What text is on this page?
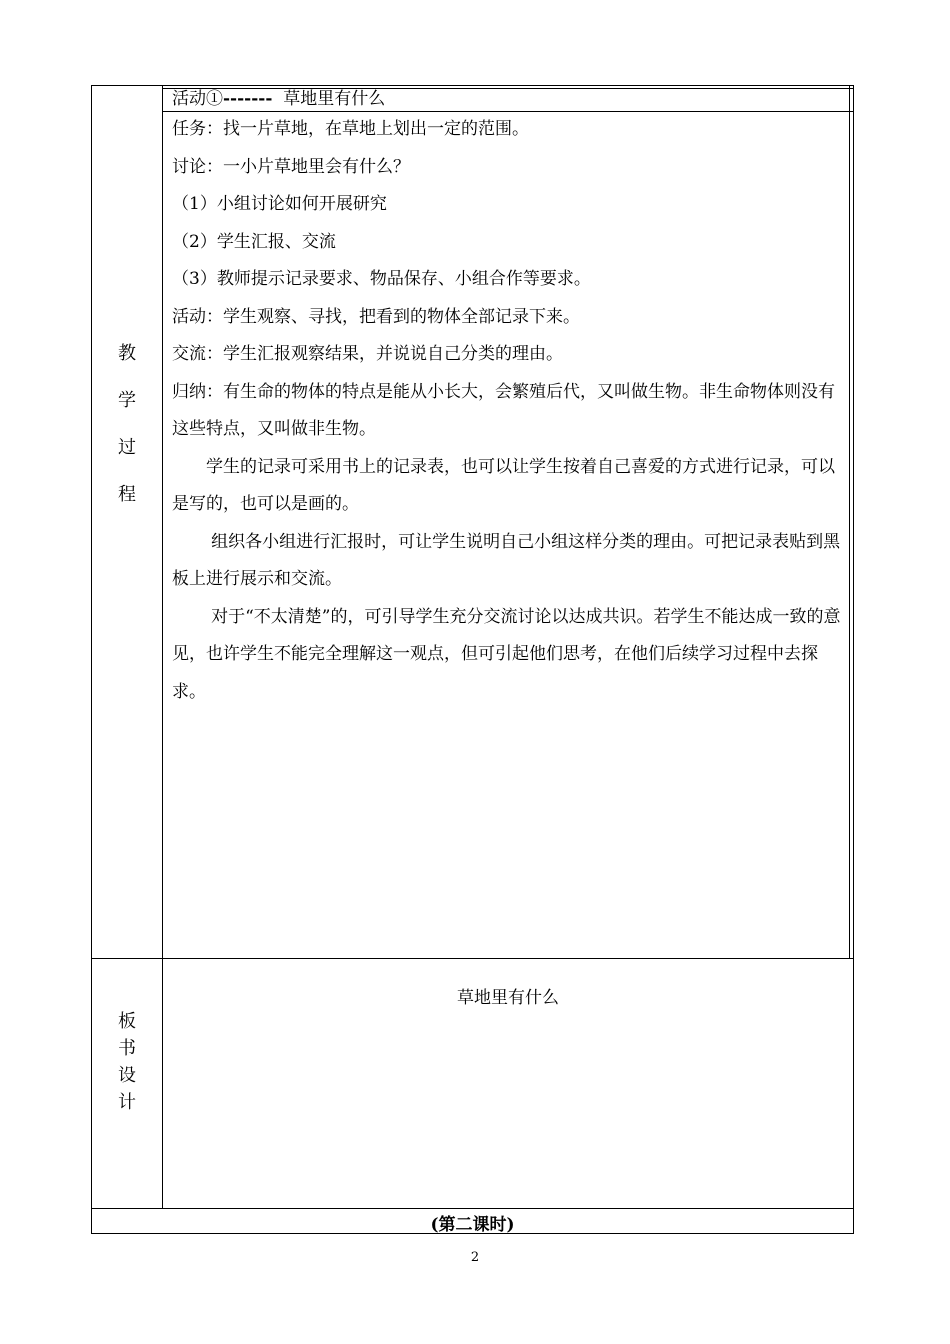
活动①------- 草地里有什么
教
学
过
程

任务：找一片草地，在草地上划出一定的范围。

讨论：一小片草地里会有什么？

（1）小组讨论如何开展研究

（2）学生汇报、交流

（3）教师提示记录要求、物品保存、小组合作等要求。

活动：学生观察、寻找，把看到的物体全部记录下来。

交流：学生汇报观察结果，并说说自己分类的理由。

归纳：有生命的物体的特点是能从小长大，会繁殖后代，又叫做生物。非生命物体则没有这些特点，又叫做非生物。

学生的记录可采用书上的记录表，也可以让学生按着自己喜爱的方式进行记录，可以是写的，也可以是画的。

组织各小组进行汇报时，可让学生说明自己小组这样分类的理由。可把记录表贴到黑板上进行展示和交流。

对于“不太清楚”的，可引导学生充分交流讨论以达成共识。若学生不能达成一致的意见，也许学生不能完全理解这一观点，但可引起他们思考，在他们后续学习过程中去探求。

板
书
设
计
草地里有什么
(第二课时)
2
